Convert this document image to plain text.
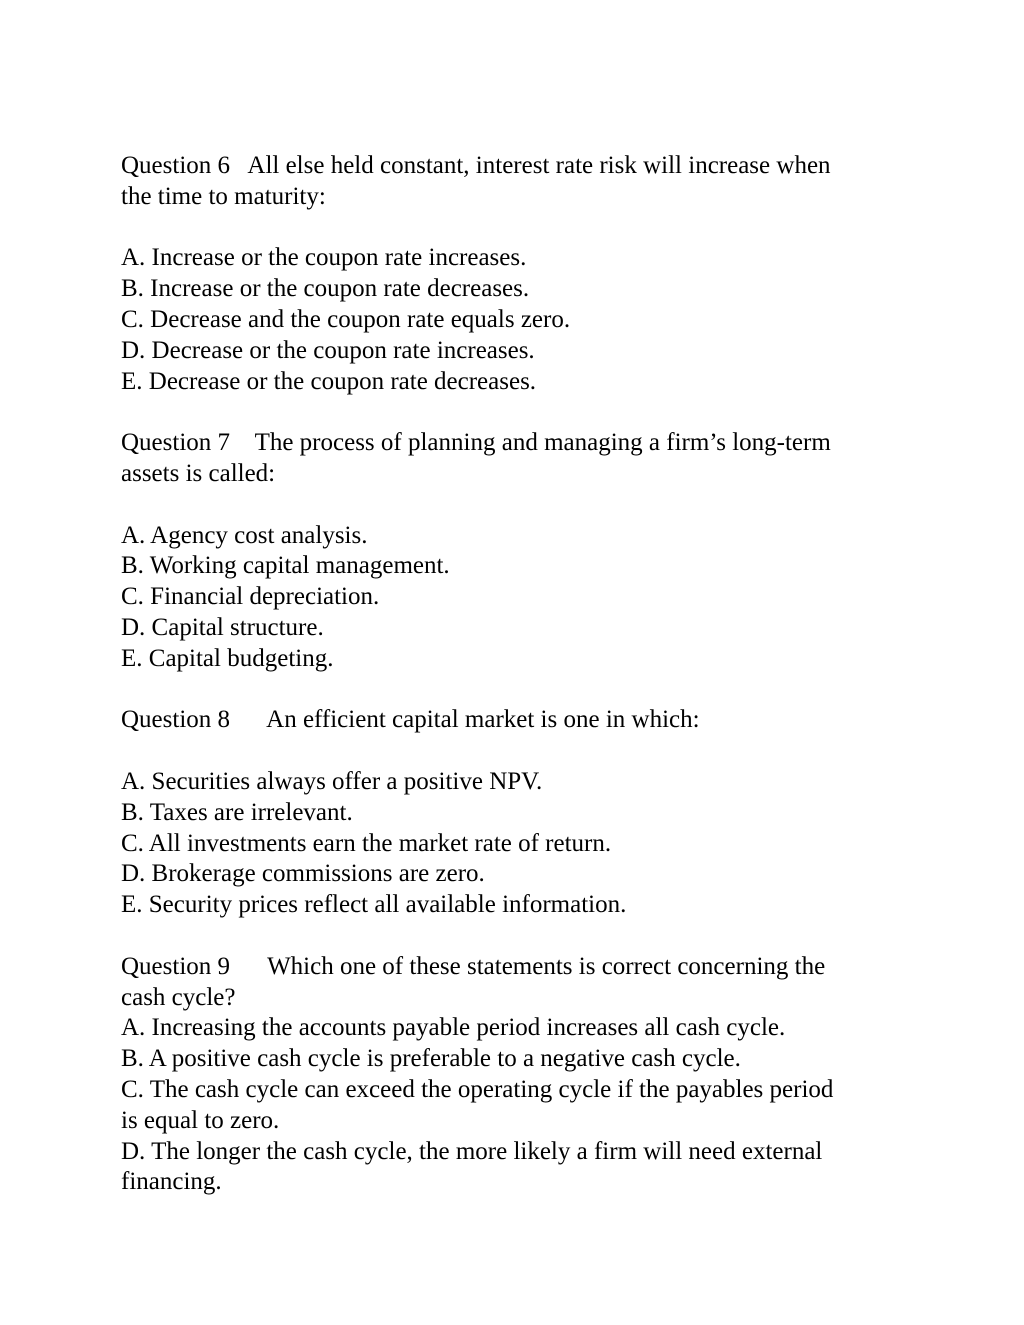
Question 6   All else held constant, interest rate risk will increase when
the time to maturity:
A. Increase or the coupon rate increases.
B. Increase or the coupon rate decreases.
C. Decrease and the coupon rate equals zero.
D. Decrease or the coupon rate increases.
E. Decrease or the coupon rate decreases.
Question 7    The process of planning and managing a firm’s long-term
assets is called:
A. Agency cost analysis.
B. Working capital management.
C. Financial depreciation.
D. Capital structure.
E. Capital budgeting.
Question 8      An efficient capital market is one in which:
A. Securities always offer a positive NPV.
B. Taxes are irrelevant.
C. All investments earn the market rate of return.
D. Brokerage commissions are zero.
E. Security prices reflect all available information.
Question 9      Which one of these statements is correct concerning the
cash cycle?
A. Increasing the accounts payable period increases all cash cycle.
B. A positive cash cycle is preferable to a negative cash cycle.
C. The cash cycle can exceed the operating cycle if the payables period
is equal to zero.
D. The longer the cash cycle, the more likely a firm will need external
financing.
